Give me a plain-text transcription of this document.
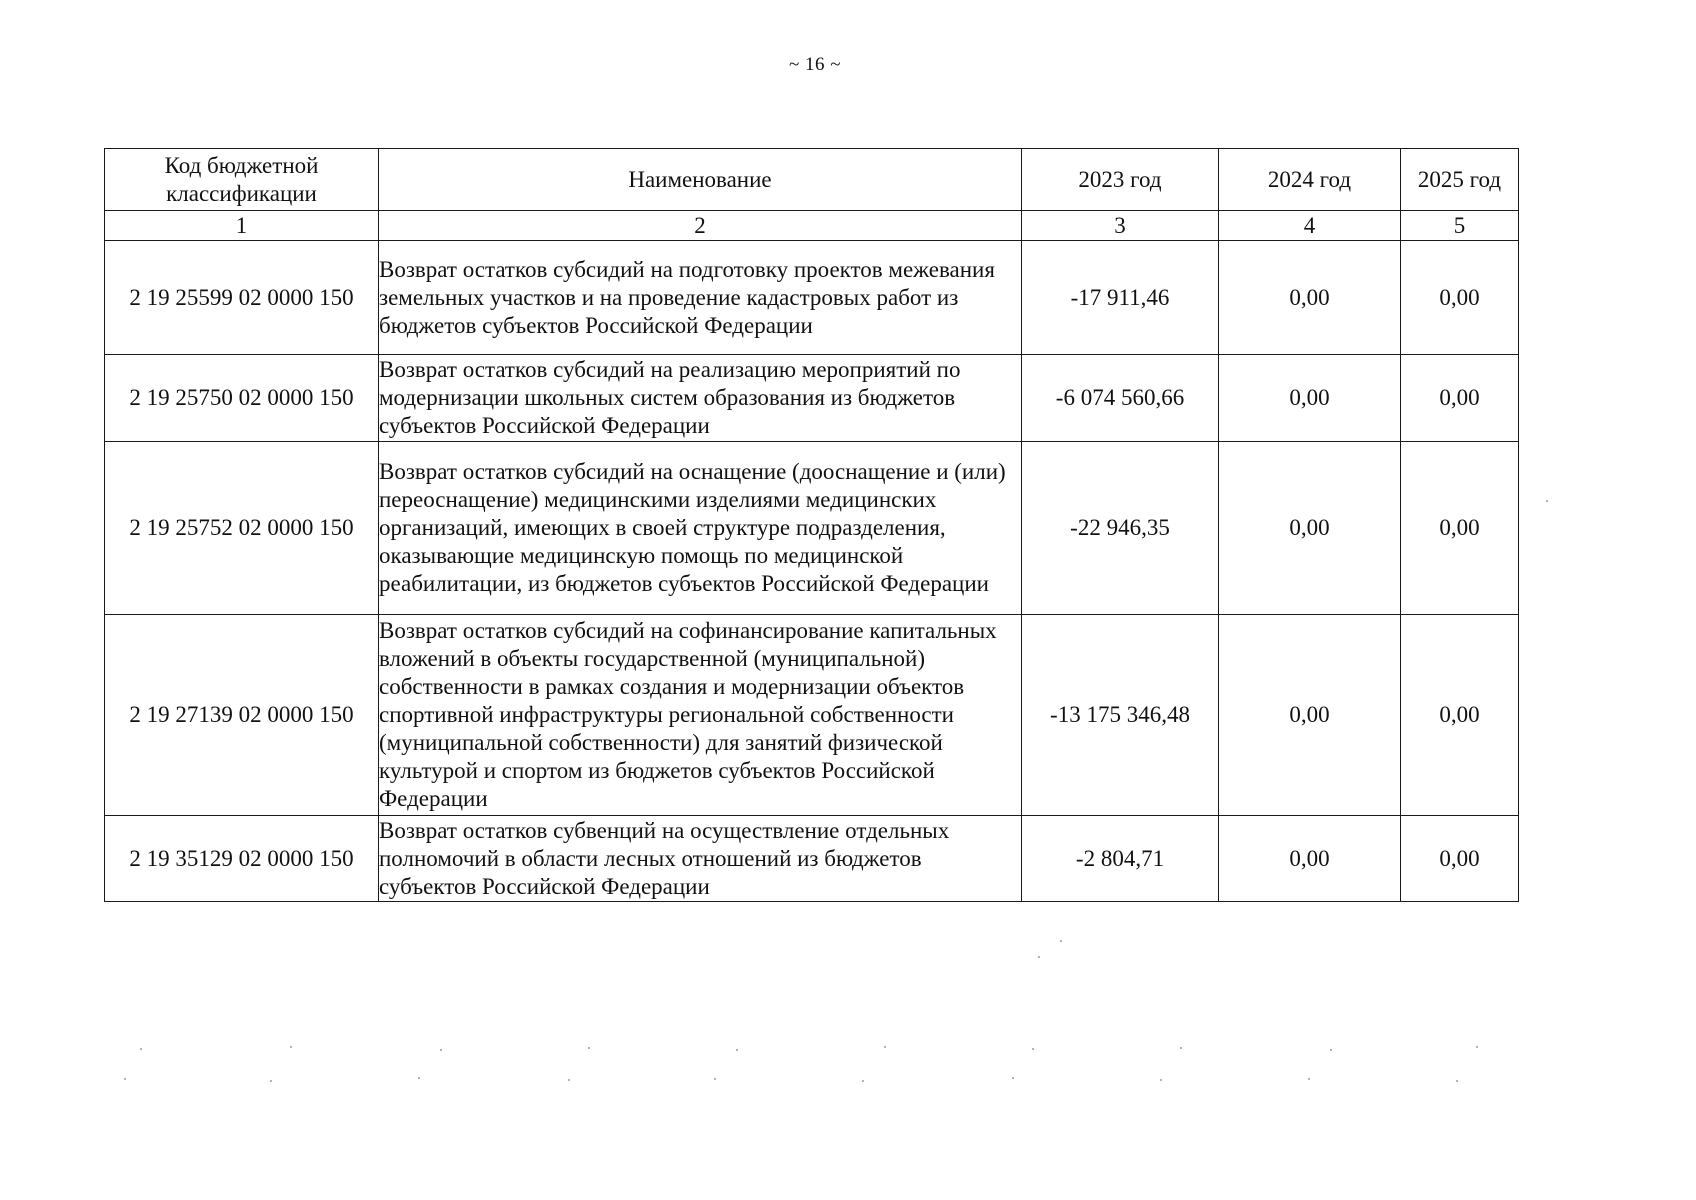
~ 16 ~
Код бюджетной классификации	Наименование	2023 год	2024 год	2025 год
1	2	3	4	5
2 19 25599 02 0000 150	Возврат остатков субсидий на подготовку проектов межевания земельных участков и на проведение кадастровых работ из бюджетов субъектов Российской Федерации	-17 911,46	0,00	0,00
2 19 25750 02 0000 150	Возврат остатков субсидий на реализацию мероприятий по модернизации школьных систем образования из бюджетов субъектов Российской Федерации	-6 074 560,66	0,00	0,00
2 19 25752 02 0000 150	Возврат остатков субсидий на оснащение (дооснащение и (или) переоснащение) медицинскими изделиями медицинских организаций, имеющих в своей структуре подразделения, оказывающие медицинскую помощь по медицинской реабилитации, из бюджетов субъектов Российской Федерации	-22 946,35	0,00	0,00
2 19 27139 02 0000 150	Возврат остатков субсидий на софинансирование капитальных вложений в объекты государственной (муниципальной) собственности в рамках создания и модернизации объектов спортивной инфраструктуры региональной собственности (муниципальной собственности) для занятий физической культурой и спортом из бюджетов субъектов Российской Федерации	-13 175 346,48	0,00	0,00
2 19 35129 02 0000 150	Возврат остатков субвенций на осуществление отдельных полномочий в области лесных отношений из бюджетов субъектов Российской Федерации	-2 804,71	0,00	0,00
